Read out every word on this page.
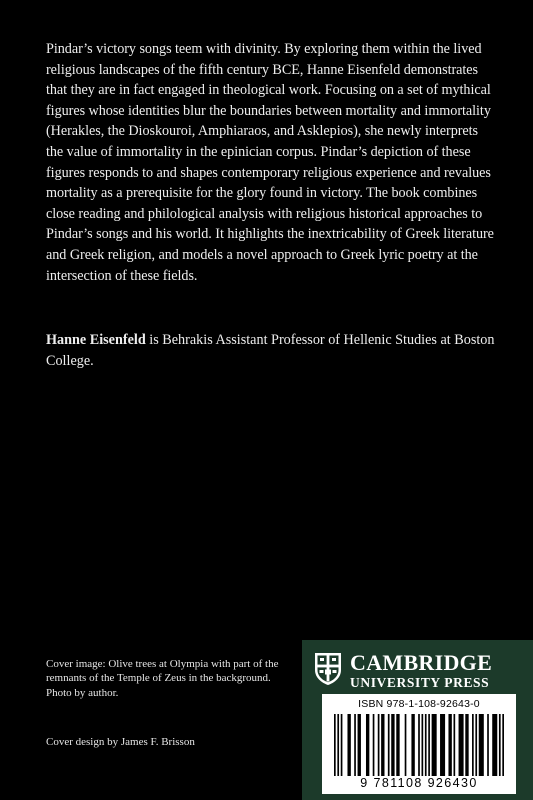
Pindar’s victory songs teem with divinity. By exploring them within the lived religious landscapes of the fifth century BCE, Hanne Eisenfeld demonstrates that they are in fact engaged in theological work. Focusing on a set of mythical figures whose identities blur the boundaries between mortality and immortality (Herakles, the Dioskouroi, Amphiaraos, and Asklepios), she newly interprets the value of immortality in the epinician corpus. Pindar’s depiction of these figures responds to and shapes contemporary religious experience and revalues mortality as a prerequisite for the glory found in victory. The book combines close reading and philological analysis with religious historical approaches to Pindar’s songs and his world. It highlights the inextricability of Greek literature and Greek religion, and models a novel approach to Greek lyric poetry at the intersection of these fields.

Hanne Eisenfeld is Behrakis Assistant Professor of Hellenic Studies at Boston College.

Cover image: Olive trees at Olympia with part of the remnants of the Temple of Zeus in the background. Photo by author.

Cover design by James F. Brisson

CAMBRIDGE
UNIVERSITY PRESS
ISBN 978-1-108-92643-0
9 781108 926430
